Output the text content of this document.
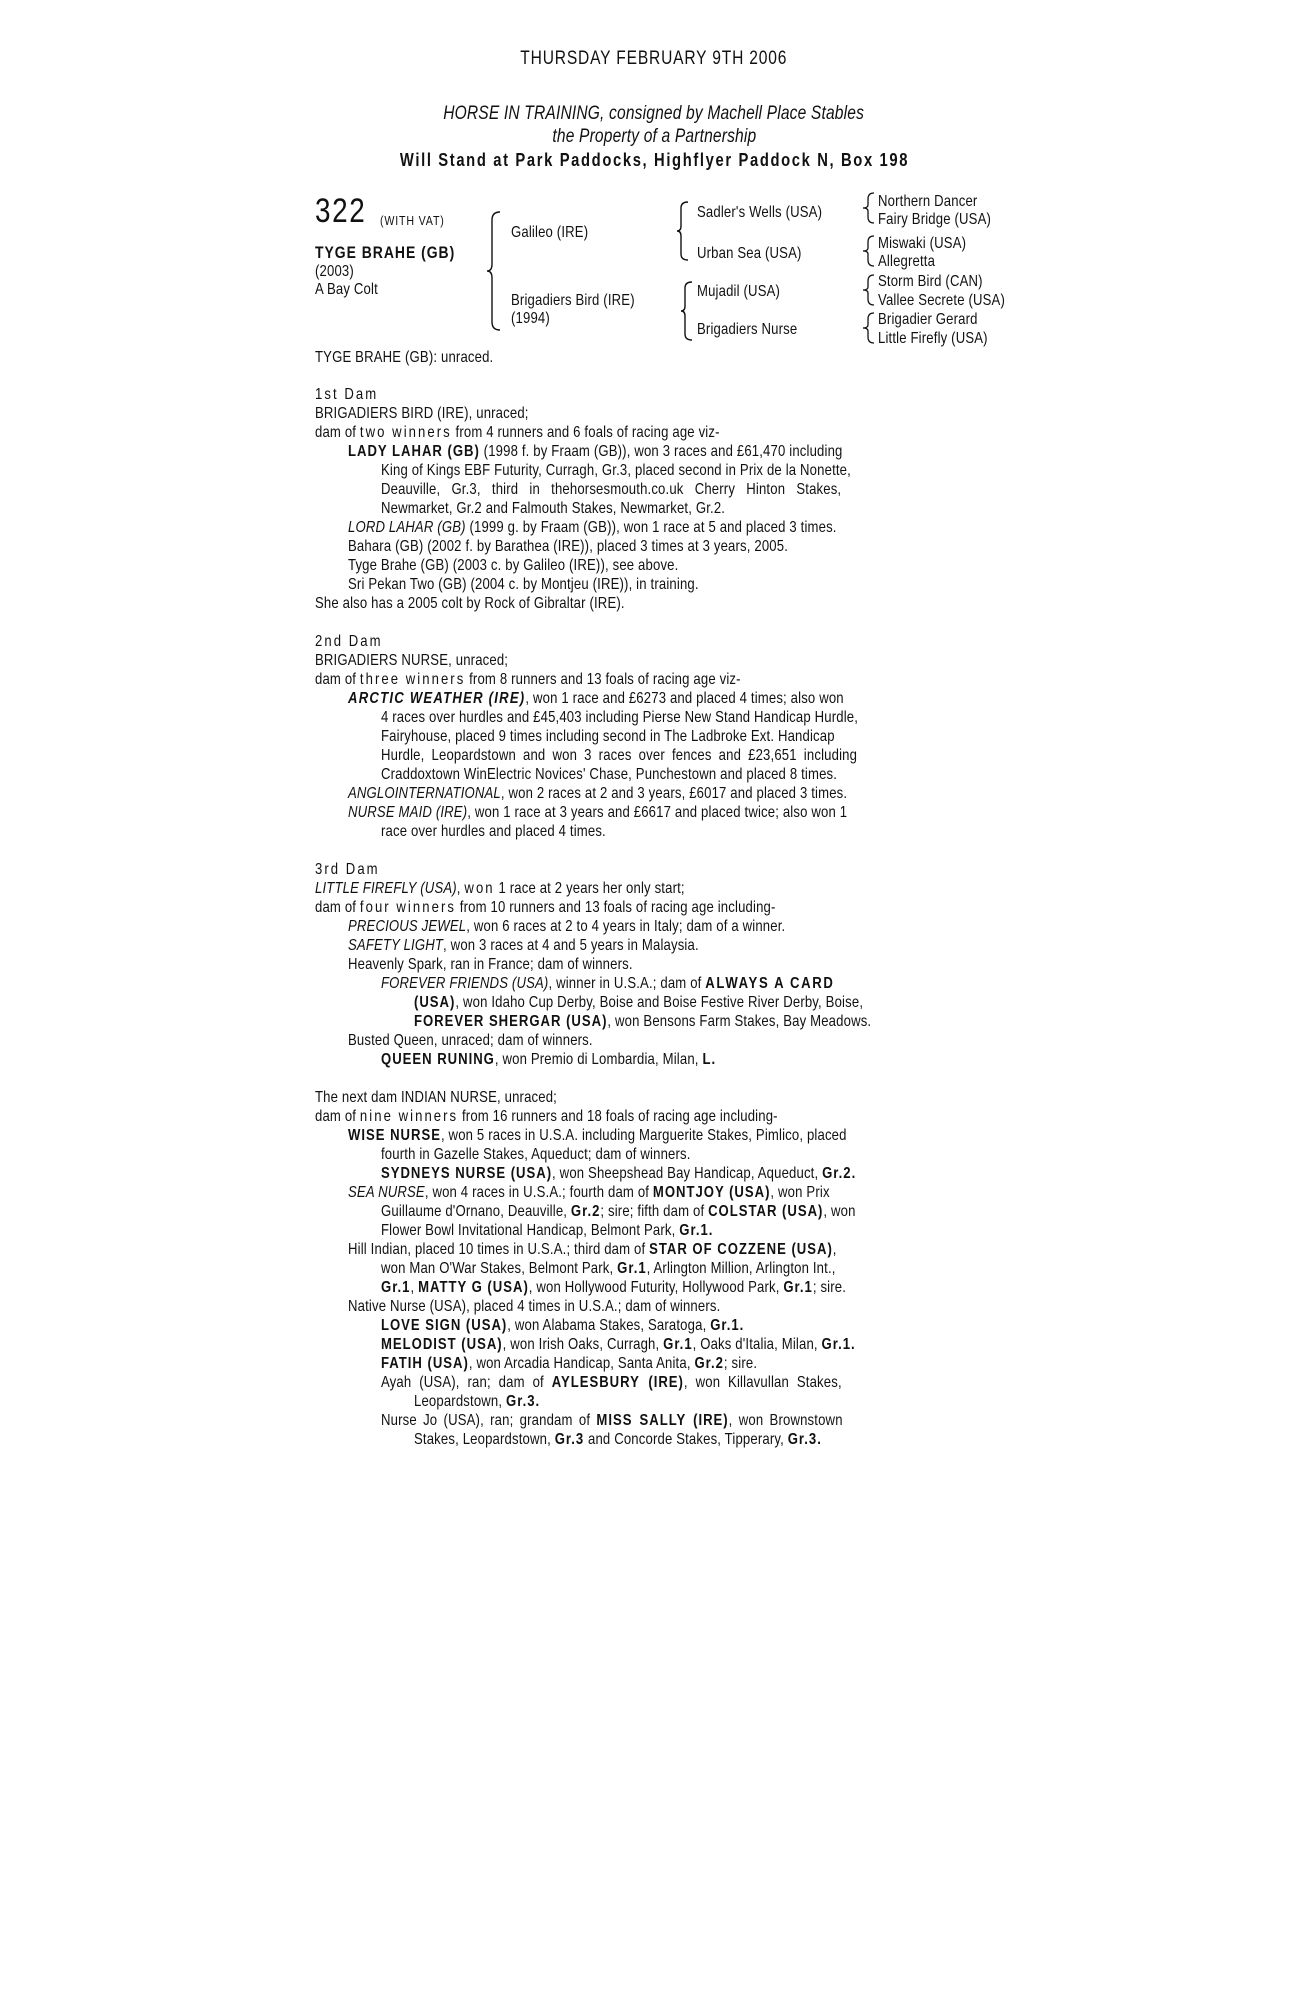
THURSDAY FEBRUARY 9TH 2006
HORSE IN TRAINING, consigned by Machell Place Stables
the Property of a Partnership
Will Stand at Park Paddocks, Highflyer Paddock N, Box 198
322 (WITH VAT)
TYGE BRAHE (GB)
(2003)
A Bay Colt
Galileo (IRE)
Brigadiers Bird (IRE)
(1994)
Sadler's Wells (USA)
Urban Sea (USA)
Mujadil (USA)
Brigadiers Nurse
Northern Dancer
Fairy Bridge (USA)
Miswaki (USA)
Allegretta
Storm Bird (CAN)
Vallee Secrete (USA)
Brigadier Gerard
Little Firefly (USA)
TYGE BRAHE (GB): unraced.
1st Dam
BRIGADIERS BIRD (IRE), unraced;
dam of two winners from 4 runners and 6 foals of racing age viz-
LADY LAHAR (GB) (1998 f. by Fraam (GB)), won 3 races and £61,470 including
King of Kings EBF Futurity, Curragh, Gr.3, placed second in Prix de la Nonette,
Deauville, Gr.3, third in thehorsesmouth.co.uk Cherry Hinton Stakes,
Newmarket, Gr.2 and Falmouth Stakes, Newmarket, Gr.2.
LORD LAHAR (GB) (1999 g. by Fraam (GB)), won 1 race at 5 and placed 3 times.
Bahara (GB) (2002 f. by Barathea (IRE)), placed 3 times at 3 years, 2005.
Tyge Brahe (GB) (2003 c. by Galileo (IRE)), see above.
Sri Pekan Two (GB) (2004 c. by Montjeu (IRE)), in training.
She also has a 2005 colt by Rock of Gibraltar (IRE).
2nd Dam
BRIGADIERS NURSE, unraced;
dam of three winners from 8 runners and 13 foals of racing age viz-
ARCTIC WEATHER (IRE), won 1 race and £6273 and placed 4 times; also won
4 races over hurdles and £45,403 including Pierse New Stand Handicap Hurdle,
Fairyhouse, placed 9 times including second in The Ladbroke Ext. Handicap
Hurdle, Leopardstown and won 3 races over fences and £23,651 including
Craddoxtown WinElectric Novices' Chase, Punchestown and placed 8 times.
ANGLOINTERNATIONAL, won 2 races at 2 and 3 years, £6017 and placed 3 times.
NURSE MAID (IRE), won 1 race at 3 years and £6617 and placed twice; also won 1
race over hurdles and placed 4 times.
3rd Dam
LITTLE FIREFLY (USA), won 1 race at 2 years her only start;
dam of four winners from 10 runners and 13 foals of racing age including-
PRECIOUS JEWEL, won 6 races at 2 to 4 years in Italy; dam of a winner.
SAFETY LIGHT, won 3 races at 4 and 5 years in Malaysia.
Heavenly Spark, ran in France; dam of winners.
FOREVER FRIENDS (USA), winner in U.S.A.; dam of ALWAYS A CARD
(USA), won Idaho Cup Derby, Boise and Boise Festive River Derby, Boise,
FOREVER SHERGAR (USA), won Bensons Farm Stakes, Bay Meadows.
Busted Queen, unraced; dam of winners.
QUEEN RUNING, won Premio di Lombardia, Milan, L.
The next dam INDIAN NURSE, unraced;
dam of nine winners from 16 runners and 18 foals of racing age including-
WISE NURSE, won 5 races in U.S.A. including Marguerite Stakes, Pimlico, placed
fourth in Gazelle Stakes, Aqueduct; dam of winners.
SYDNEYS NURSE (USA), won Sheepshead Bay Handicap, Aqueduct, Gr.2.
SEA NURSE, won 4 races in U.S.A.; fourth dam of MONTJOY (USA), won Prix
Guillaume d'Ornano, Deauville, Gr.2; sire; fifth dam of COLSTAR (USA), won
Flower Bowl Invitational Handicap, Belmont Park, Gr.1.
Hill Indian, placed 10 times in U.S.A.; third dam of STAR OF COZZENE (USA),
won Man O'War Stakes, Belmont Park, Gr.1, Arlington Million, Arlington Int.,
Gr.1, MATTY G (USA), won Hollywood Futurity, Hollywood Park, Gr.1; sire.
Native Nurse (USA), placed 4 times in U.S.A.; dam of winners.
LOVE SIGN (USA), won Alabama Stakes, Saratoga, Gr.1.
MELODIST (USA), won Irish Oaks, Curragh, Gr.1, Oaks d'Italia, Milan, Gr.1.
FATIH (USA), won Arcadia Handicap, Santa Anita, Gr.2; sire.
Ayah (USA), ran; dam of AYLESBURY (IRE), won Killavullan Stakes,
Leopardstown, Gr.3.
Nurse Jo (USA), ran; grandam of MISS SALLY (IRE), won Brownstown
Stakes, Leopardstown, Gr.3 and Concorde Stakes, Tipperary, Gr.3.
